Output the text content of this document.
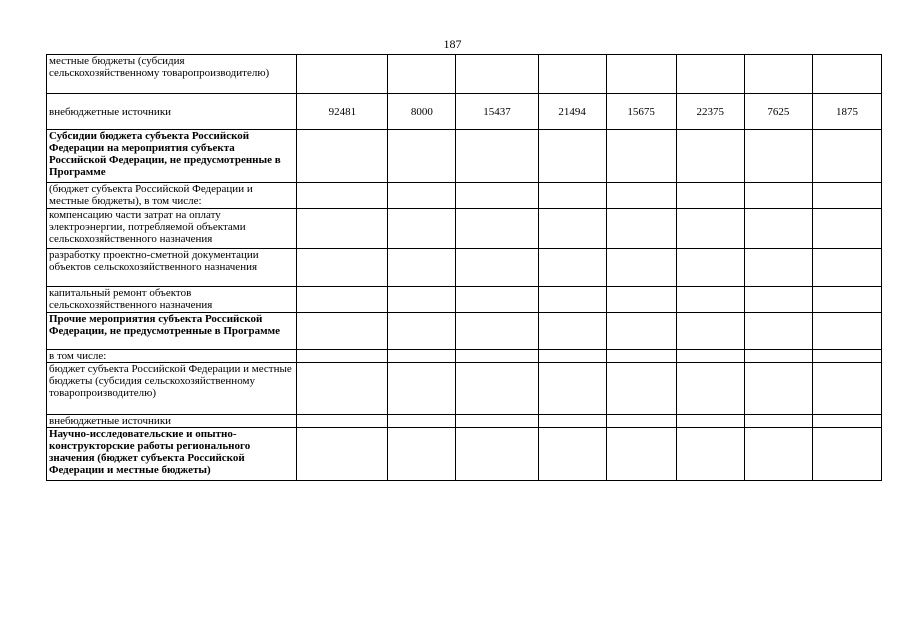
187
местные бюджеты (субсидия сельскохозяйственному товаропроизводителю)								
внебюджетные источники	92481	8000	15437	21494	15675	22375	7625	1875
Субсидии бюджета субъекта Российской Федерации на мероприятия субъекта Российской Федерации, не предусмотренные в Программе								
(бюджет субъекта Российской Федерации и местные бюджеты), в том числе:								
компенсацию части затрат на оплату электроэнергии, потребляемой объектами сельскохозяйственного назначения								
разработку проектно-сметной документации объектов сельскохозяйственного назначения								
капитальный ремонт объектов сельскохозяйственного назначения								
Прочие мероприятия субъекта Российской Федерации, не предусмотренные в Программе								
в том числе:								
бюджет субъекта Российской Федерации и местные бюджеты (субсидия сельскохозяйственному товаропроизводителю)								
внебюджетные источники								
Научно-исследовательские и опытно-конструкторские работы регионального значения (бюджет субъекта Российской Федерации и местные бюджеты)								
